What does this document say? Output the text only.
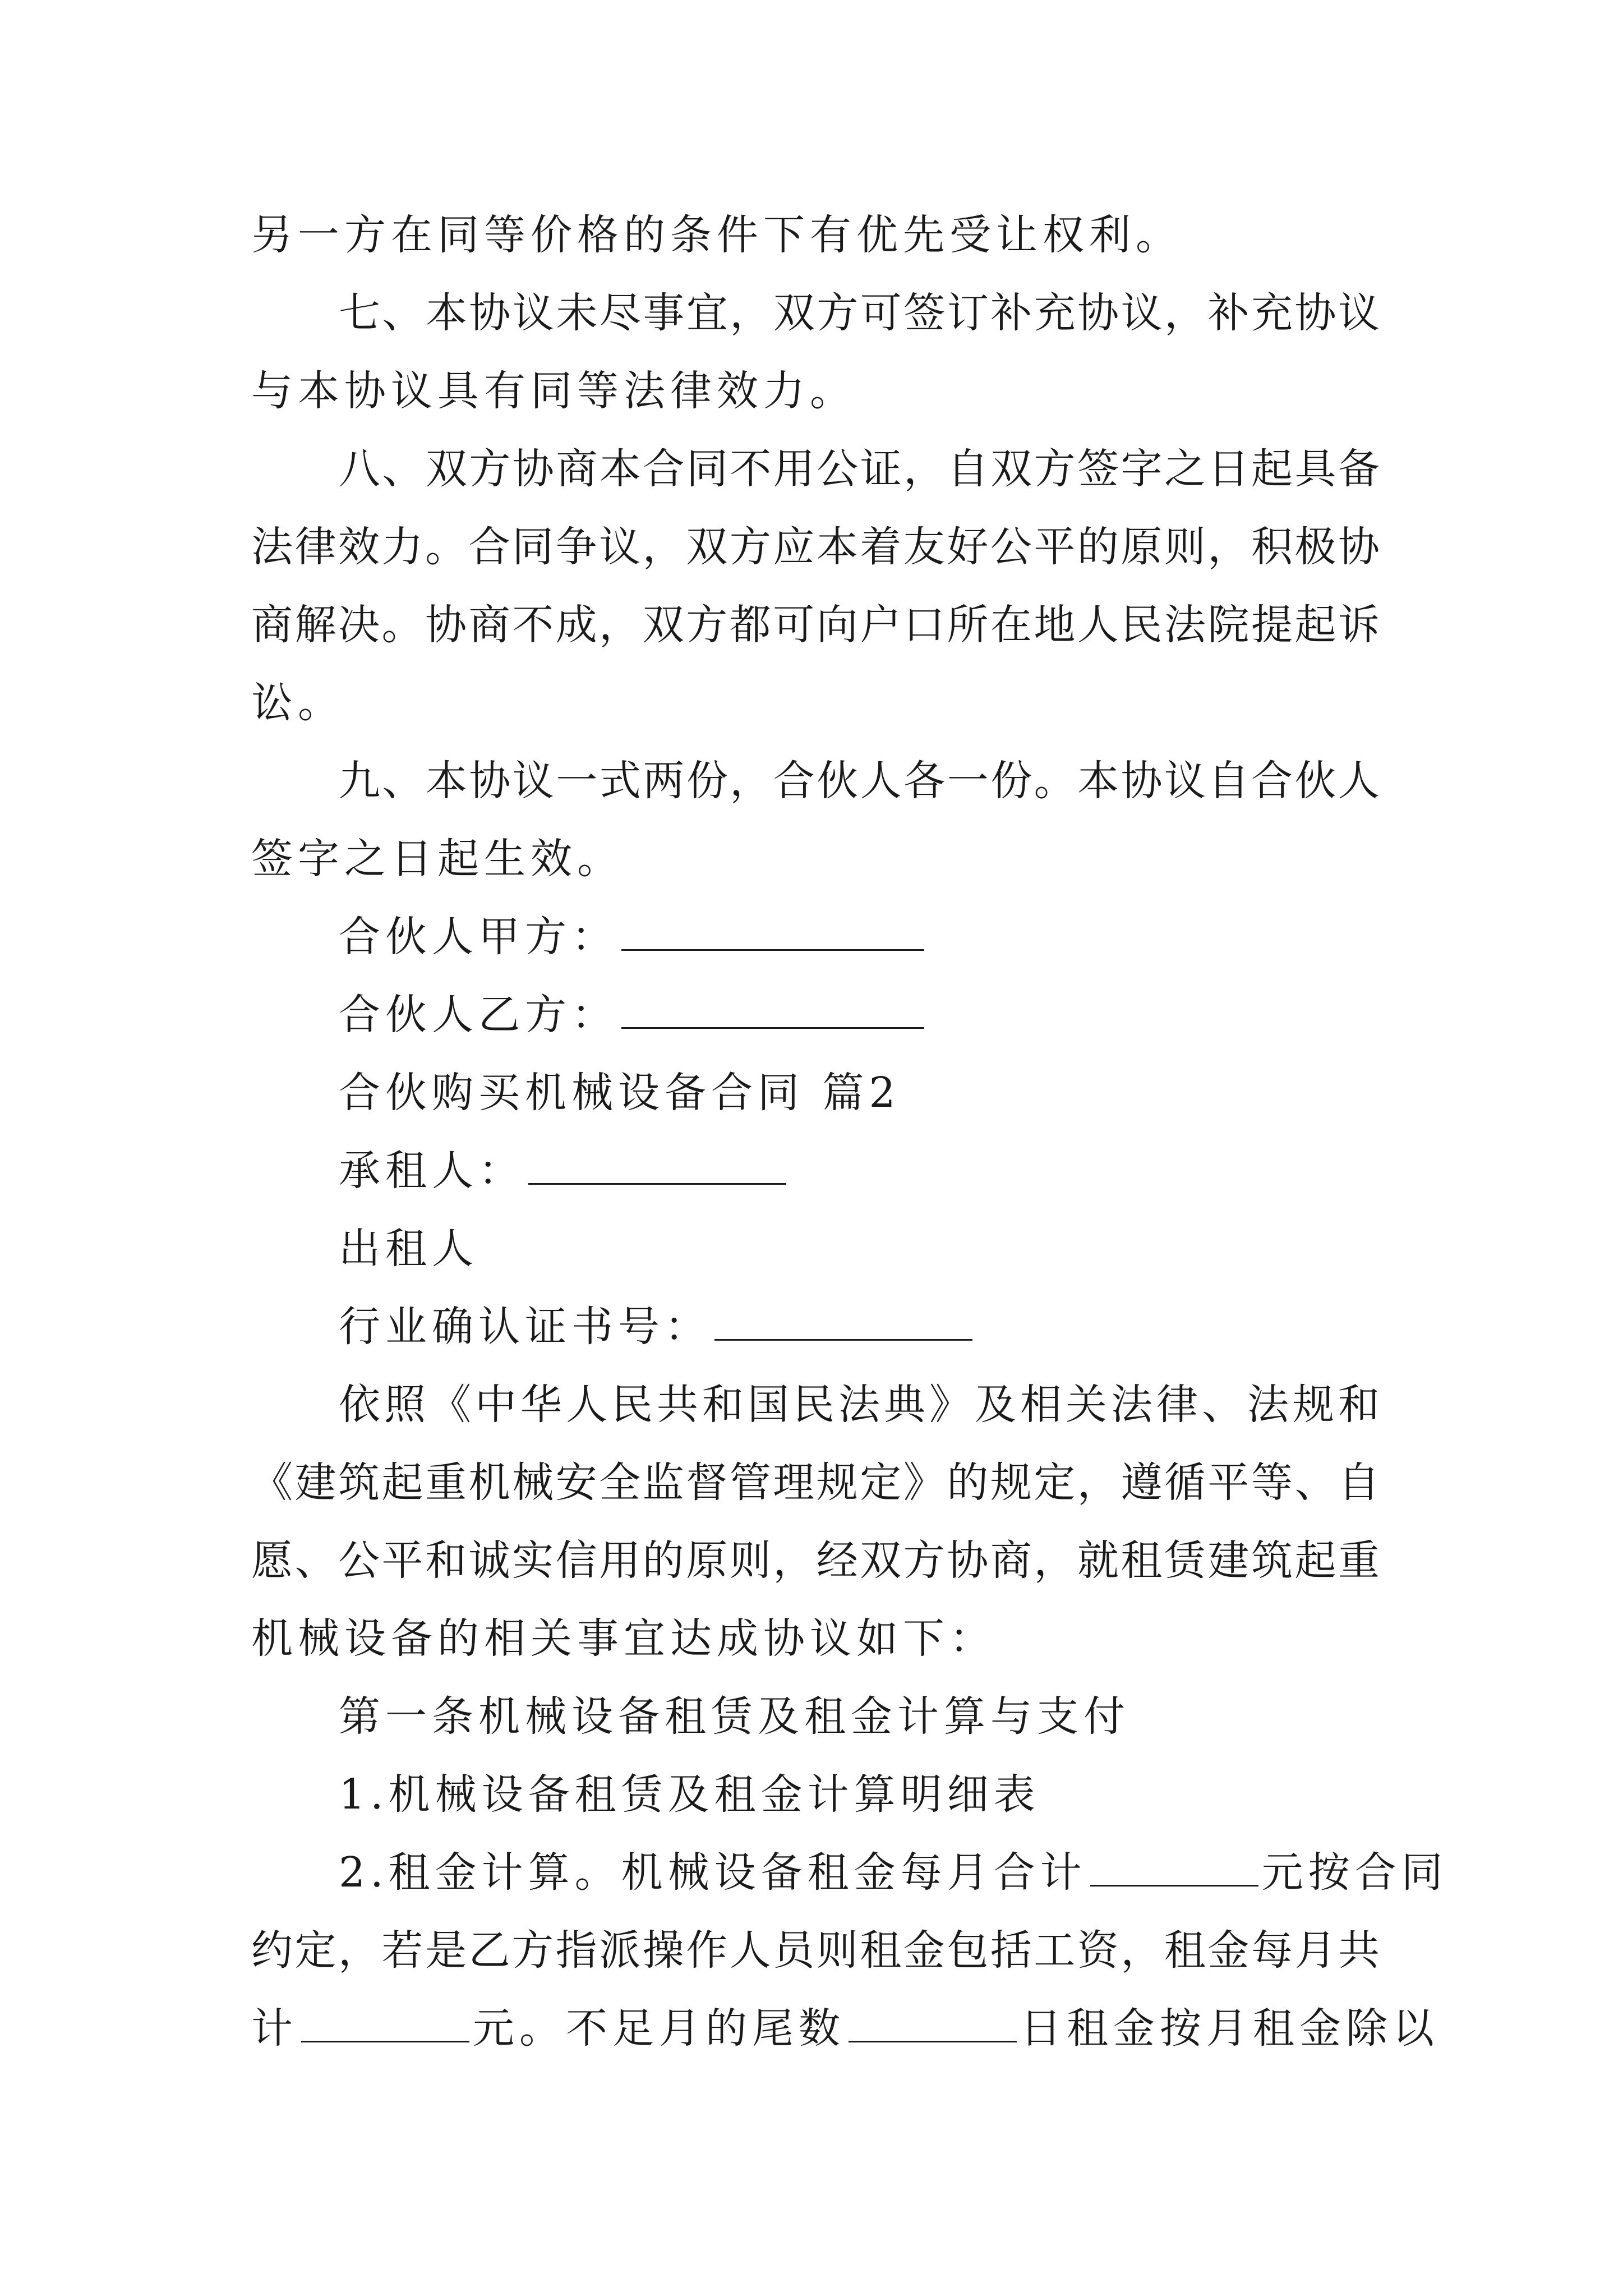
另一方在同等价格的条件下有优先受让权利。
七、本协议未尽事宜，双方可签订补充协议，补充协议
与本协议具有同等法律效力。
八、双方协商本合同不用公证，自双方签字之日起具备
法律效力。合同争议，双方应本着友好公平的原则，积极协
商解决。协商不成，双方都可向户口所在地人民法院提起诉
讼。
九、本协议一式两份，合伙人各一份。本协议自合伙人
签字之日起生效。
合伙人甲方：
合伙人乙方：
合伙购买机械设备合同 篇2
承租人：
出租人
行业确认证书号：
依照《中华人民共和国民法典》及相关法律、法规和
《建筑起重机械安全监督管理规定》的规定，遵循平等、自
愿、公平和诚实信用的原则，经双方协商，就租赁建筑起重
机械设备的相关事宜达成协议如下：
第一条机械设备租赁及租金计算与支付
1.机械设备租赁及租金计算明细表
2.租金计算。机械设备租金每月合计	元按合同
约定，若是乙方指派操作人员则租金包括工资，租金每月共
计	元。不足月的尾数	日租金按月租金除以
